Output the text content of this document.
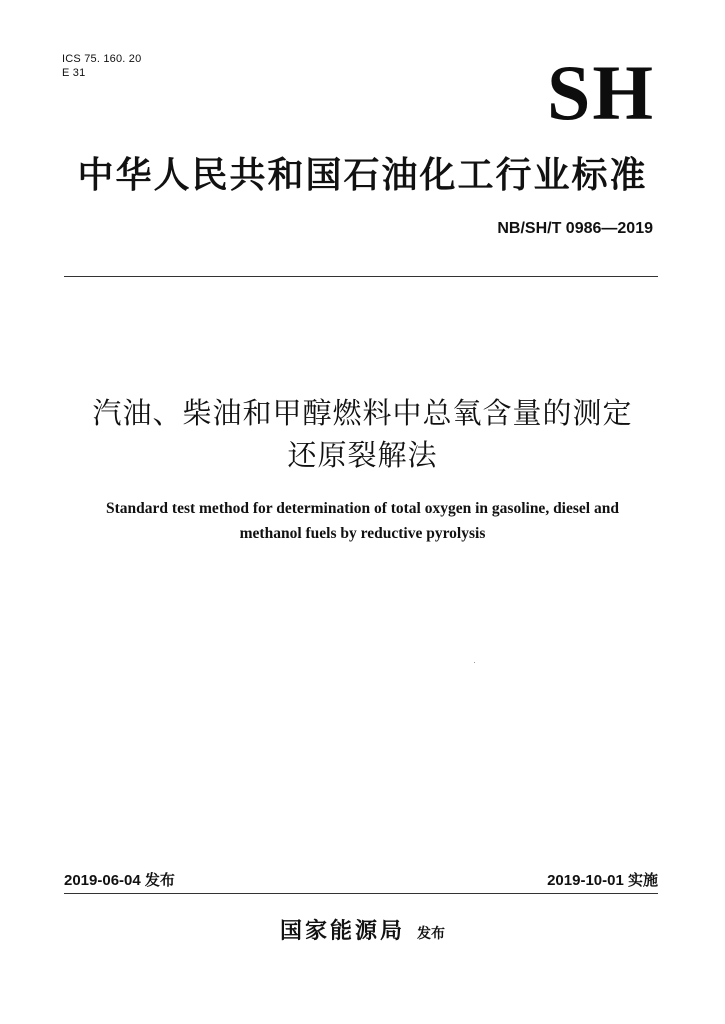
ICS 75. 160. 20
E 31	SH
中华人民共和国石油化工行业标准
NB/SH/T 0986—2019
汽油、柴油和甲醇燃料中总氧含量的测定
还原裂解法
Standard test method for determination of total oxygen in gasoline, diesel and
methanol fuels by reductive pyrolysis
2019-06-04 发布	2019-10-01 实施
国家能源局 发布
